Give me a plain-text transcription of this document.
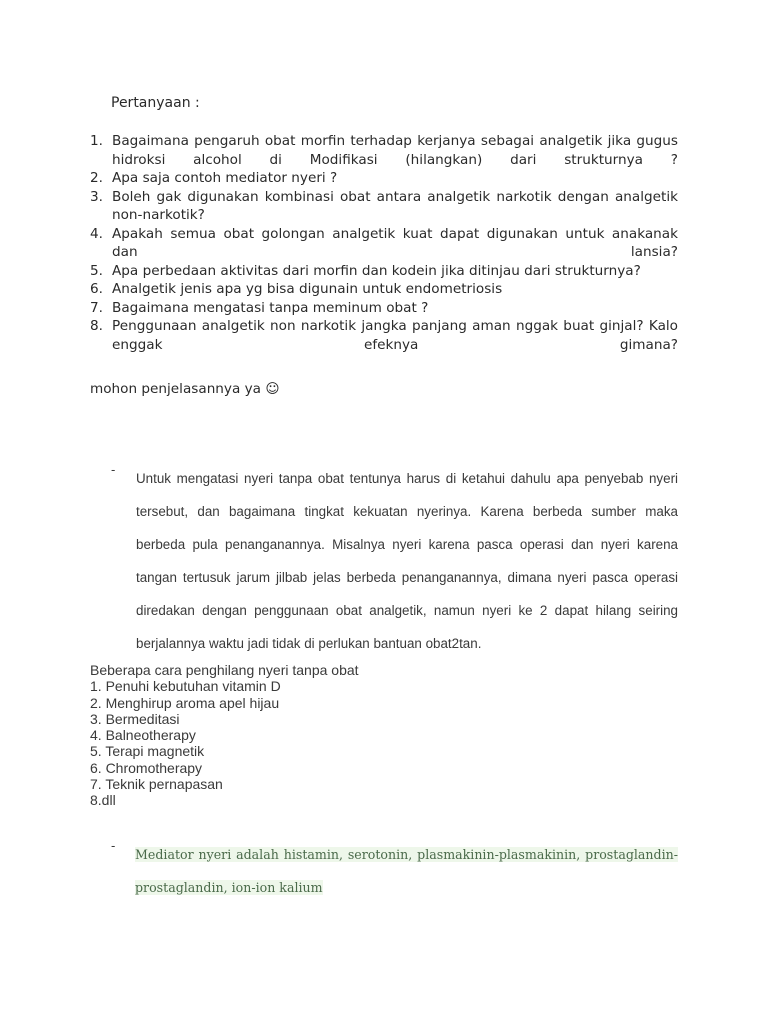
Pertanyaan :
1. Bagaimana pengaruh obat morfin terhadap kerjanya sebagai analgetik jika gugus hidroksi alcohol di Modifikasi (hilangkan) dari strukturnya ?
2. Apa saja contoh mediator nyeri ?
3. Boleh gak digunakan kombinasi obat antara analgetik narkotik dengan analgetik non-narkotik?
4. Apakah semua obat golongan analgetik kuat dapat digunakan untuk anakanak dan lansia?
5. Apa perbedaan aktivitas dari morfin dan kodein jika ditinjau dari strukturnya?
6. Analgetik jenis apa yg bisa digunain untuk endometriosis
7. Bagaimana mengatasi tanpa meminum obat ?
8. Penggunaan analgetik non narkotik jangka panjang aman nggak buat ginjal? Kalo enggak efeknya gimana?
mohon penjelasannya ya ☺
-
Untuk mengatasi nyeri tanpa obat tentunya harus di ketahui dahulu apa penyebab nyeri tersebut, dan bagaimana tingkat kekuatan nyerinya. Karena berbeda sumber maka berbeda pula penanganannya. Misalnya nyeri karena pasca operasi dan nyeri karena tangan tertusuk jarum jilbab jelas berbeda penanganannya, dimana nyeri pasca operasi diredakan dengan penggunaan obat analgetik, namun nyeri ke 2 dapat hilang seiring berjalannya waktu jadi tidak di perlukan bantuan obat2tan.
Beberapa cara penghilang nyeri tanpa obat
1. Penuhi kebutuhan vitamin D
2. Menghirup aroma apel hijau
3. Bermeditasi
4. Balneotherapy
5. Terapi magnetik
6. Chromotherapy
7. Teknik pernapasan
8.dll
-
Mediator nyeri adalah histamin, serotonin, plasmakinin-plasmakinin, prostaglandin-prostaglandin, ion-ion kalium
